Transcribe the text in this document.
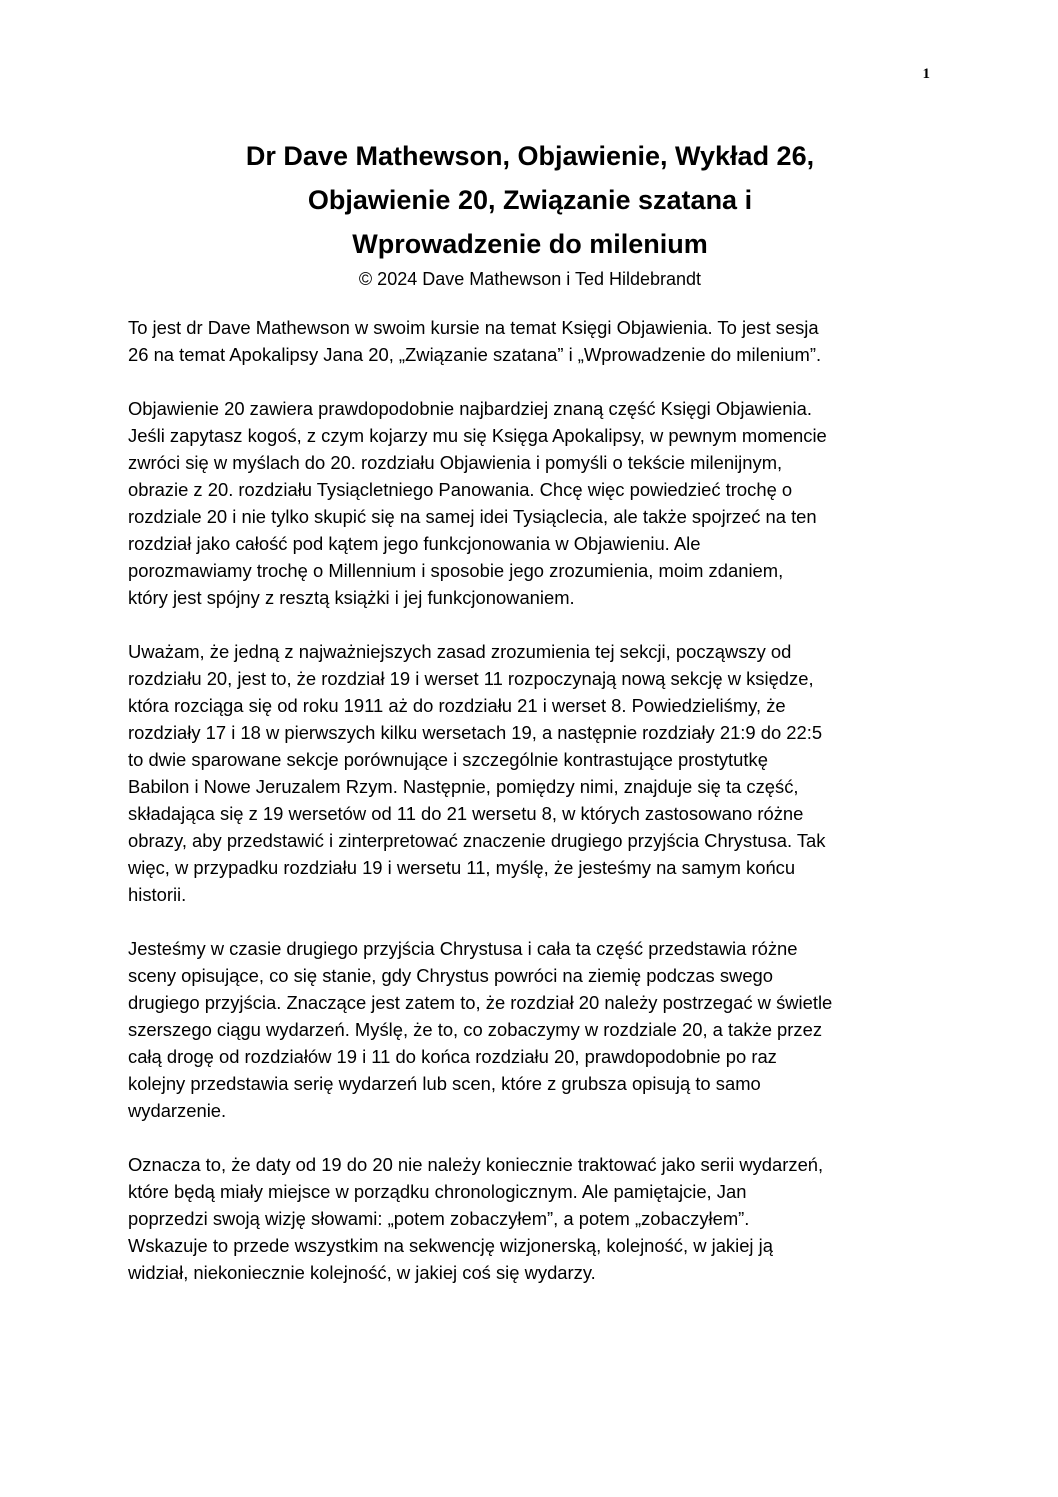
1
Dr Dave Mathewson, Objawienie, Wykład 26,
Objawienie 20, Związanie szatana i
Wprowadzenie do milenium
© 2024 Dave Mathewson i Ted Hildebrandt

To jest dr Dave Mathewson w swoim kursie na temat Księgi Objawienia. To jest sesja
26 na temat Apokalipsy Jana 20, „Związanie szatana” i „Wprowadzenie do milenium”.

Objawienie 20 zawiera prawdopodobnie najbardziej znaną część Księgi Objawienia.
Jeśli zapytasz kogoś, z czym kojarzy mu się Księga Apokalipsy, w pewnym momencie
zwróci się w myślach do 20. rozdziału Objawienia i pomyśli o tekście milenijnym,
obrazie z 20. rozdziału Tysiącletniego Panowania. Chcę więc powiedzieć trochę o
rozdziale 20 i nie tylko skupić się na samej idei Tysiąclecia, ale także spojrzeć na ten
rozdział jako całość pod kątem jego funkcjonowania w Objawieniu. Ale
porozmawiamy trochę o Millennium i sposobie jego zrozumienia, moim zdaniem,
który jest spójny z resztą książki i jej funkcjonowaniem.

Uważam, że jedną z najważniejszych zasad zrozumienia tej sekcji, począwszy od
rozdziału 20, jest to, że rozdział 19 i werset 11 rozpoczynają nową sekcję w księdze,
która rozciąga się od roku 1911 aż do rozdziału 21 i werset 8. Powiedzieliśmy, że
rozdziały 17 i 18 w pierwszych kilku wersetach 19, a następnie rozdziały 21:9 do 22:5
to dwie sparowane sekcje porównujące i szczególnie kontrastujące prostytutkę
Babilon i Nowe Jeruzalem Rzym. Następnie, pomiędzy nimi, znajduje się ta część,
składająca się z 19 wersetów od 11 do 21 wersetu 8, w których zastosowano różne
obrazy, aby przedstawić i zinterpretować znaczenie drugiego przyjścia Chrystusa. Tak
więc, w przypadku rozdziału 19 i wersetu 11, myślę, że jesteśmy na samym końcu
historii.

Jesteśmy w czasie drugiego przyjścia Chrystusa i cała ta część przedstawia różne
sceny opisujące, co się stanie, gdy Chrystus powróci na ziemię podczas swego
drugiego przyjścia. Znaczące jest zatem to, że rozdział 20 należy postrzegać w świetle
szerszego ciągu wydarzeń. Myślę, że to, co zobaczymy w rozdziale 20, a także przez
całą drogę od rozdziałów 19 i 11 do końca rozdziału 20, prawdopodobnie po raz
kolejny przedstawia serię wydarzeń lub scen, które z grubsza opisują to samo
wydarzenie.

Oznacza to, że daty od 19 do 20 nie należy koniecznie traktować jako serii wydarzeń,
które będą miały miejsce w porządku chronologicznym. Ale pamiętajcie, Jan
poprzedzi swoją wizję słowami: „potem zobaczyłem”, a potem „zobaczyłem”.
Wskazuje to przede wszystkim na sekwencję wizjonerską, kolejność, w jakiej ją
widział, niekoniecznie kolejność, w jakiej coś się wydarzy.
